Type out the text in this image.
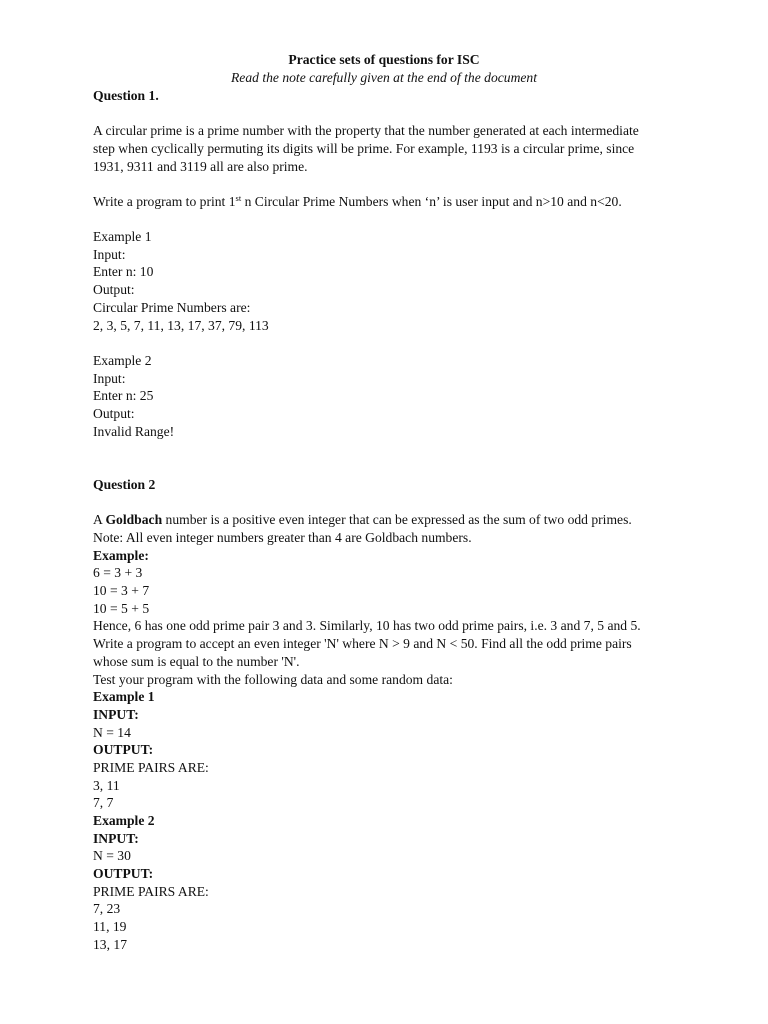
Practice sets of questions for ISC
Read the note carefully given at the end of the document
Question 1.
A circular prime is a prime number with the property that the number generated at each intermediate
step when cyclically permuting its digits will be prime. For example, 1193 is a circular prime, since
1931, 9311 and 3119 all are also prime.
Write a program to print 1st n Circular Prime Numbers when ‘n’ is user input and n>10 and n<20.
Example 1
Input:
Enter n: 10
Output:
Circular Prime Numbers are:
2, 3, 5, 7, 11, 13, 17, 37, 79, 113
Example 2
Input:
Enter n: 25
Output:
Invalid Range!
Question 2
A Goldbach number is a positive even integer that can be expressed as the sum of two odd primes.
Note: All even integer numbers greater than 4 are Goldbach numbers.
Example:
6 = 3 + 3
10 = 3 + 7
10 = 5 + 5
Hence, 6 has one odd prime pair 3 and 3. Similarly, 10 has two odd prime pairs, i.e. 3 and 7, 5 and 5.
Write a program to accept an even integer 'N' where N > 9 and N < 50. Find all the odd prime pairs
whose sum is equal to the number 'N'.
Test your program with the following data and some random data:
Example 1
INPUT:
N = 14
OUTPUT:
PRIME PAIRS ARE:
3, 11
7, 7
Example 2
INPUT:
N = 30
OUTPUT:
PRIME PAIRS ARE:
7, 23
11, 19
13, 17
